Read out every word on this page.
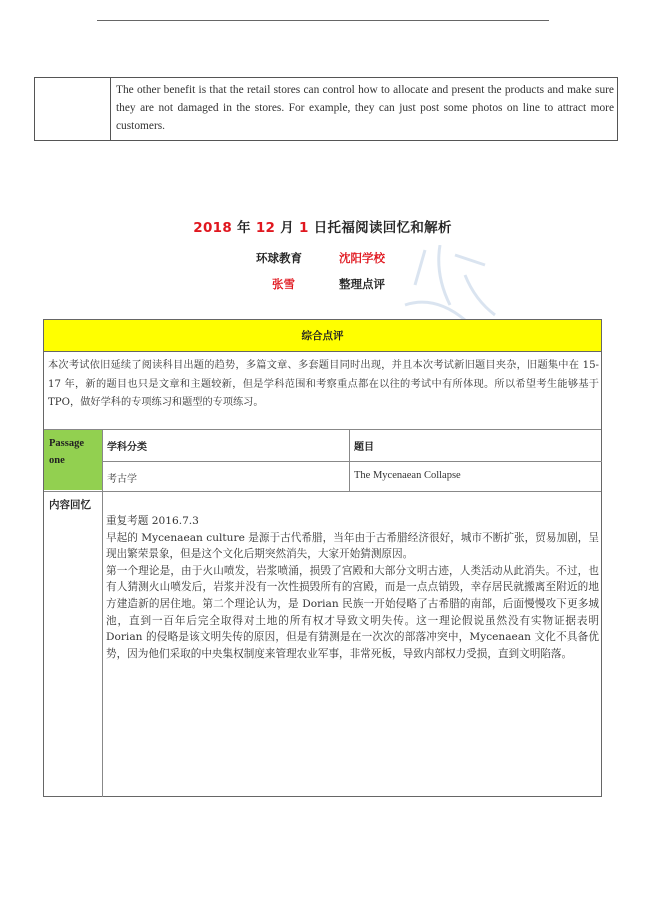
The other benefit is that the retail stores can control how to allocate and present the products and make sure they are not damaged in the stores. For example, they can just post some photos on line to attract more customers.
2018 年 12 月 1 日托福阅读回忆和解析
环球教育	沈阳学校
张雪	整理点评
综合点评
本次考试依旧延续了阅读科目出题的趋势，多篇文章、多套题目同时出现，并且本次考试新旧题目夹杂，旧题集中在 15-17 年，新的题目也只是文章和主题较新，但是学科范围和考察重点都在以往的考试中有所体现。所以希望考生能够基于 TPO，做好学科的专项练习和题型的专项练习。
Passage one
学科分类	题目
考古学	The Mycenaean Collapse
内容回忆

重复考题 2016.7.3

早起的 Mycenaean culture 是源于古代希腊，当年由于古希腊经济很好，城市不断扩张，贸易加剧，呈现出繁荣景象，但是这个文化后期突然消失，大家开始猜测原因。

第一个理论是，由于火山喷发，岩浆喷涌，损毁了宫殿和大部分文明古迹，人类活动从此消失。不过，也有人猜测火山喷发后，岩浆并没有一次性损毁所有的宫殿，而是一点点销毁，幸存居民就搬离至附近的地方建造新的居住地。第二个理论认为，是 Dorian 民族一开始侵略了古希腊的南部，后面慢慢攻下更多城池，直到一百年后完全取得对土地的所有权才导致文明失传。这一理论假说虽然没有实物证据表明 Dorian 的侵略是该文明失传的原因，但是有猜测是在一次次的部落冲突中，Mycenaean 文化不具备优势，因为他们采取的中央集权制度来管理农业军事，非常死板，导致内部权力受损，直到文明陷落。
